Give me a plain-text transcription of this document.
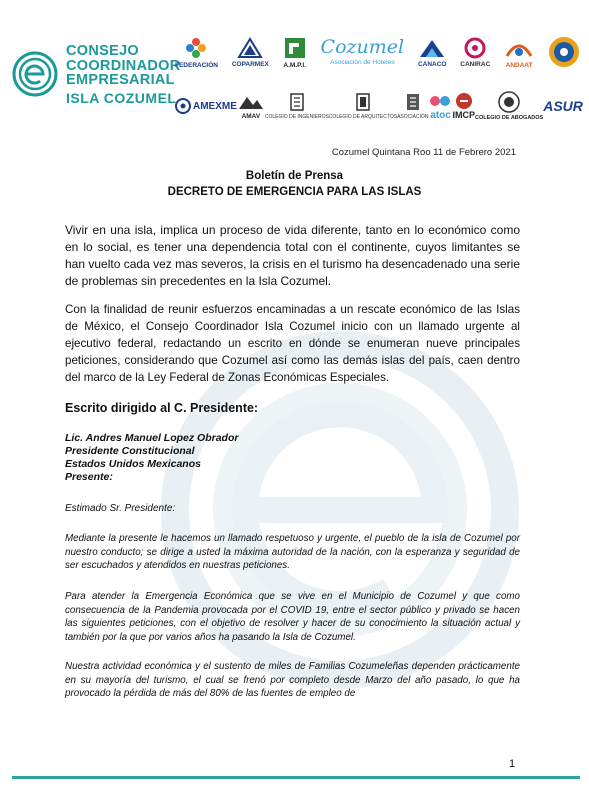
CONSEJO
COORDINADOR
EMPRESARIAL
ISLA COZUMEL
FEDERACIÓN COPARMEX A.M.P.I.
Cozumel
Asociación de Hoteles	CANACO CANIRAC ANDAAT
AMEXME
AMAV COLEGIO DE INGENIEROS COLEGIO DE ARQUITECTOS ASOCIACIÓN atoc IMCP COLEGIO DE ABOGADOS
ASUR
Cozumel Quintana Roo 11 de Febrero 2021
Boletín de Prensa
DECRETO DE EMERGENCIA PARA LAS ISLAS
Vivir en una isla, implica un proceso de vida diferente, tanto en lo económico como en lo social, es tener una dependencia total con el continente, cuyos limitantes se han vuelto cada vez mas severos, la crisis en el turismo ha desencadenado una serie de problemas sin precedentes en la Isla Cozumel.
Con la finalidad de reunir esfuerzos encaminadas a un rescate económico de las Islas de México, el Consejo Coordinador Isla Cozumel inicio con un llamado urgente al ejecutivo federal, redactando un escrito en dónde se enumeran nueve principales peticiones, considerando que Cozumel así como las demás islas del país, caen dentro del marco de la Ley Federal de Zonas Económicas Especiales.
Escrito dirigido al C. Presidente:
Lic. Andres Manuel Lopez Obrador
Presidente Constitucional
Estados Unidos Mexicanos
Presente:
Estimado Sr. Presidente:
Mediante la presente le hacemos un llamado respetuoso y urgente, el pueblo de la isla de Cozumel por nuestro conducto; se dirige a usted la máxima autoridad de la nación, con la esperanza y seguridad de ser escuchados y atendidos en nuestras peticiones.
Para atender la Emergencia Económica que se vive en el Municipio de Cozumel y que como consecuencia de la Pandemia provocada por el COVID 19, entre el sector público y privado se hacen las siguientes peticiones, con el objetivo de resolver y hacer de su conocimiento la situación actual y también por la que por varios años ha pasando la Isla de Cozumel.
Nuestra actividad económica y el sustento de miles de Familias Cozumeleñas dependen prácticamente en su mayoría del turismo, el cual se frenó por completo desde Marzo del año pasado, lo que ha provocado la pérdida de más del 80% de las fuentes de empleo de
1
